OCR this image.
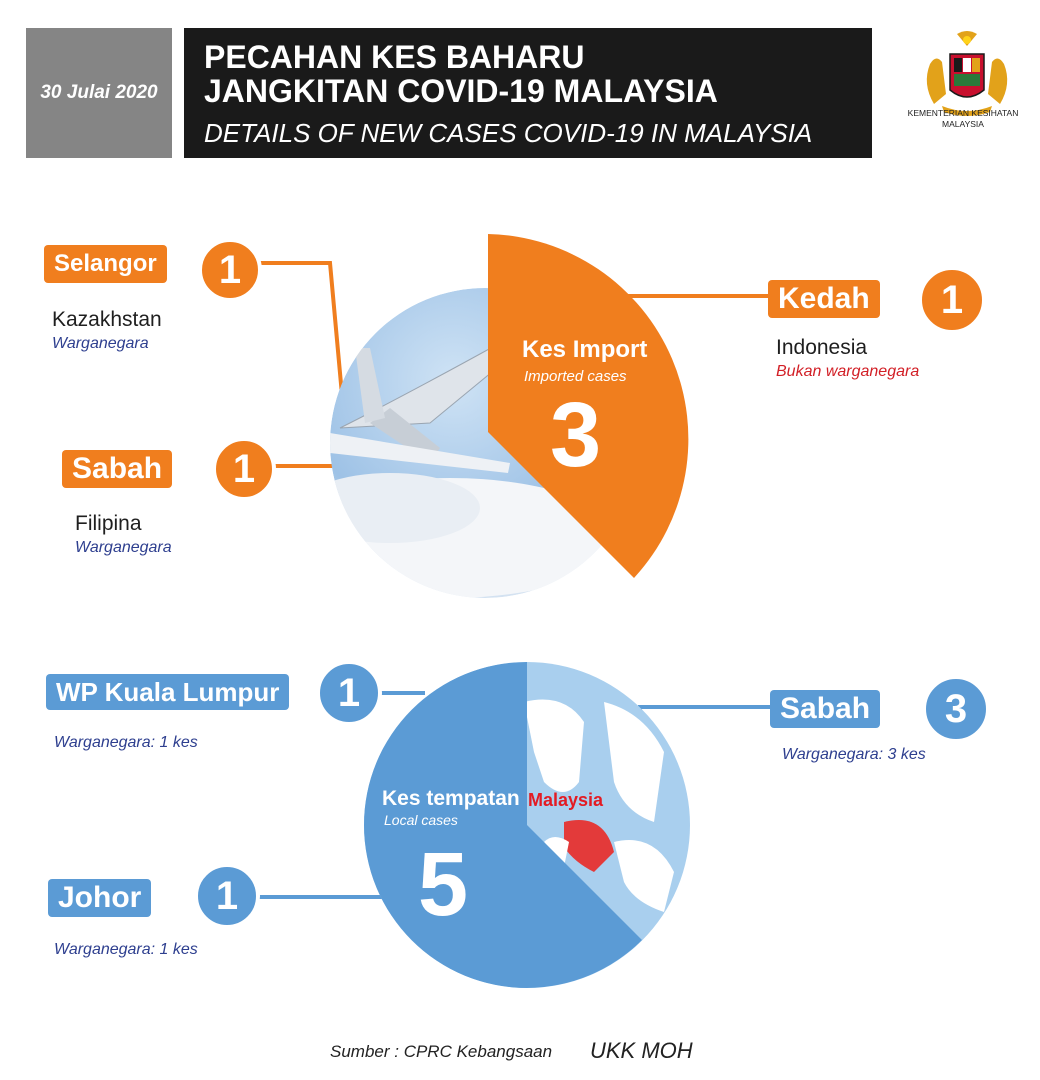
30 Julai 2020
PECAHAN KES BAHARU
JANGKITAN COVID-19 MALAYSIA
DETAILS OF NEW CASES COVID-19 IN MALAYSIA
KEMENTERIAN KESIHATAN MALAYSIA
Kes Import
Imported cases
3
Selangor	1
Kazakhstan
Warganegara
Sabah	1
Filipina
Warganegara
Kedah	1
Indonesia
Bukan warganegara
Malaysia
Kes tempatan
Local cases
5
WP Kuala Lumpur	1
Warganegara: 1 kes
Johor	1
Warganegara: 1 kes
Sabah	3
Warganegara: 3 kes
Sumber : CPRC Kebangsaan UKK MOH
